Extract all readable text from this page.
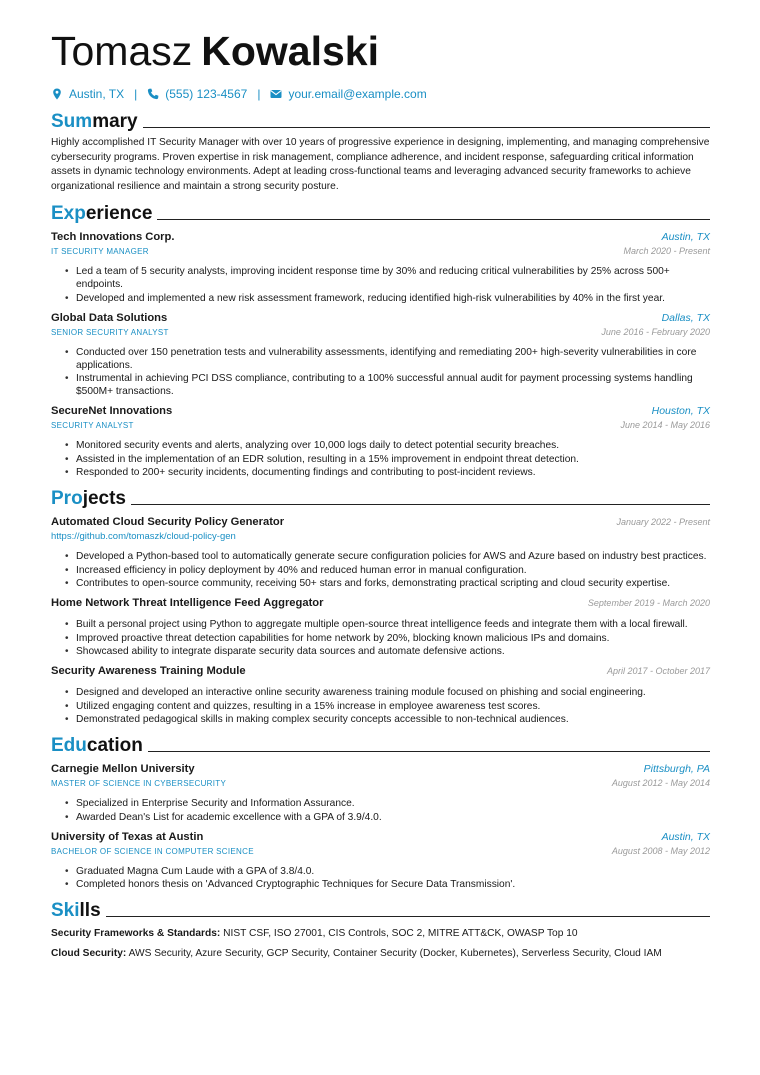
Tomasz Kowalski
Austin, TX | (555) 123-4567 | your.email@example.com
Summary
Highly accomplished IT Security Manager with over 10 years of progressive experience in designing, implementing, and managing comprehensive cybersecurity programs. Proven expertise in risk management, compliance adherence, and incident response, safeguarding critical information assets in dynamic technology environments. Adept at leading cross-functional teams and leveraging advanced security frameworks to achieve organizational resilience and maintain a strong security posture.
Experience
Tech Innovations Corp.	Austin, TX
IT SECURITY MANAGER	March 2020 - Present
• Led a team of 5 security analysts, improving incident response time by 30% and reducing critical vulnerabilities by 25% across 500+ endpoints.
• Developed and implemented a new risk assessment framework, reducing identified high-risk vulnerabilities by 40% in the first year.
Global Data Solutions	Dallas, TX
SENIOR SECURITY ANALYST	June 2016 - February 2020
• Conducted over 150 penetration tests and vulnerability assessments, identifying and remediating 200+ high-severity vulnerabilities in core applications.
• Instrumental in achieving PCI DSS compliance, contributing to a 100% successful annual audit for payment processing systems handling $500M+ transactions.
SecureNet Innovations	Houston, TX
SECURITY ANALYST	June 2014 - May 2016
• Monitored security events and alerts, analyzing over 10,000 logs daily to detect potential security breaches.
• Assisted in the implementation of an EDR solution, resulting in a 15% improvement in endpoint threat detection.
• Responded to 200+ security incidents, documenting findings and contributing to post-incident reviews.
Projects
Automated Cloud Security Policy Generator	January 2022 - Present
https://github.com/tomaszk/cloud-policy-gen
• Developed a Python-based tool to automatically generate secure configuration policies for AWS and Azure based on industry best practices.
• Increased efficiency in policy deployment by 40% and reduced human error in manual configuration.
• Contributes to open-source community, receiving 50+ stars and forks, demonstrating practical scripting and cloud security expertise.
Home Network Threat Intelligence Feed Aggregator	September 2019 - March 2020
• Built a personal project using Python to aggregate multiple open-source threat intelligence feeds and integrate them with a local firewall.
• Improved proactive threat detection capabilities for home network by 20%, blocking known malicious IPs and domains.
• Showcased ability to integrate disparate security data sources and automate defensive actions.
Security Awareness Training Module	April 2017 - October 2017
• Designed and developed an interactive online security awareness training module focused on phishing and social engineering.
• Utilized engaging content and quizzes, resulting in a 15% increase in employee awareness test scores.
• Demonstrated pedagogical skills in making complex security concepts accessible to non-technical audiences.
Education
Carnegie Mellon University	Pittsburgh, PA
MASTER OF SCIENCE IN CYBERSECURITY	August 2012 - May 2014
• Specialized in Enterprise Security and Information Assurance.
• Awarded Dean's List for academic excellence with a GPA of 3.9/4.0.
University of Texas at Austin	Austin, TX
BACHELOR OF SCIENCE IN COMPUTER SCIENCE	August 2008 - May 2012
• Graduated Magna Cum Laude with a GPA of 3.8/4.0.
• Completed honors thesis on 'Advanced Cryptographic Techniques for Secure Data Transmission'.
Skills
Security Frameworks & Standards: NIST CSF, ISO 27001, CIS Controls, SOC 2, MITRE ATT&CK, OWASP Top 10
Cloud Security: AWS Security, Azure Security, GCP Security, Container Security (Docker, Kubernetes), Serverless Security, Cloud IAM
